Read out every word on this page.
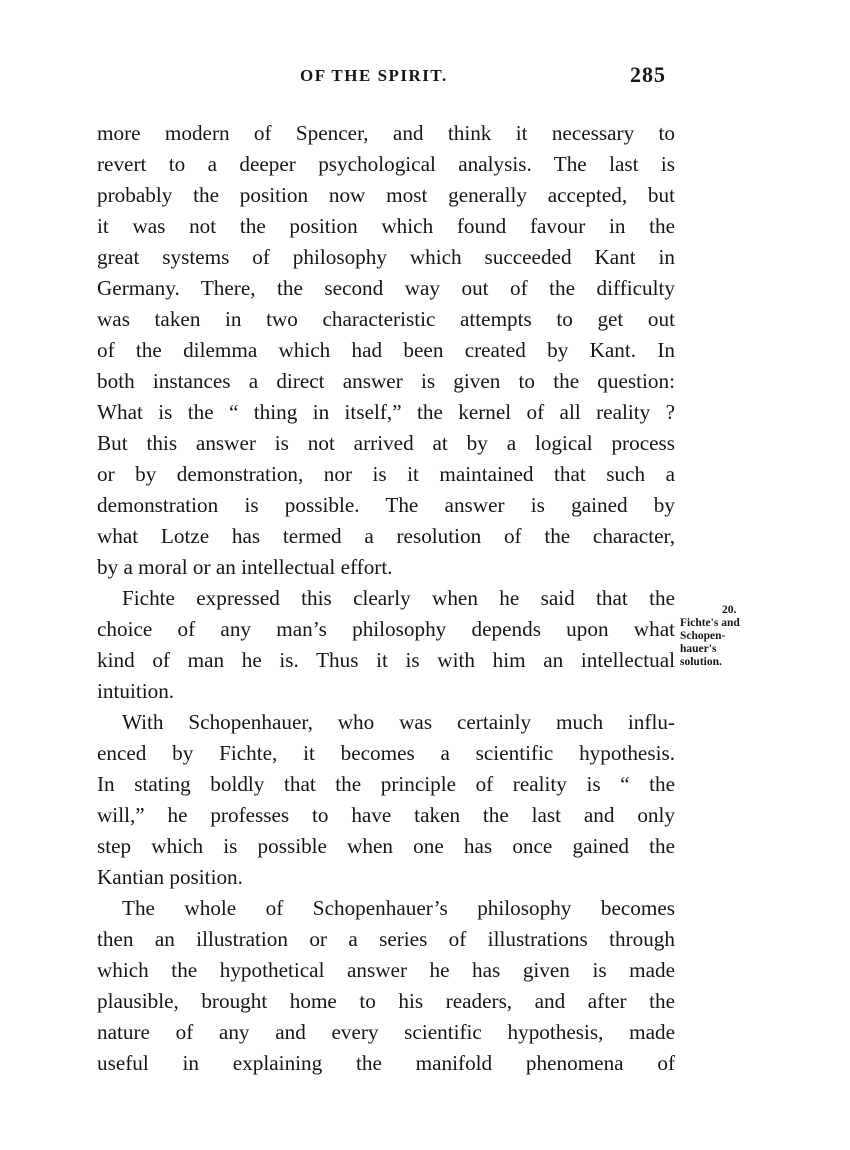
OF THE SPIRIT.	285
more modern of Spencer, and think it necessary to
revert to a deeper psychological analysis. The last is
probably the position now most generally accepted, but
it was not the position which found favour in the
great systems of philosophy which succeeded Kant in
Germany. There, the second way out of the difficulty
was taken in two characteristic attempts to get out
of the dilemma which had been created by Kant. In
both instances a direct answer is given to the question:
What is the “ thing in itself,” the kernel of all reality ?
But this answer is not arrived at by a logical process
or by demonstration, nor is it maintained that such a
demonstration is possible. The answer is gained by
what Lotze has termed a resolution of the character,
by a moral or an intellectual effort.
Fichte expressed this clearly when he said that the
choice of any man’s philosophy depends upon what
kind of man he is. Thus it is with him an intellectual
intuition.
With Schopenhauer, who was certainly much influ-
enced by Fichte, it becomes a scientific hypothesis.
In stating boldly that the principle of reality is “ the
will,” he professes to have taken the last and only
step which is possible when one has once gained the
Kantian position.
The whole of Schopenhauer’s philosophy becomes
then an illustration or a series of illustrations through
which the hypothetical answer he has given is made
plausible, brought home to his readers, and after the
nature of any and every scientific hypothesis, made
useful in explaining the manifold phenomena of
20.
Fichte's and
Schopen-
hauer's
solution.
